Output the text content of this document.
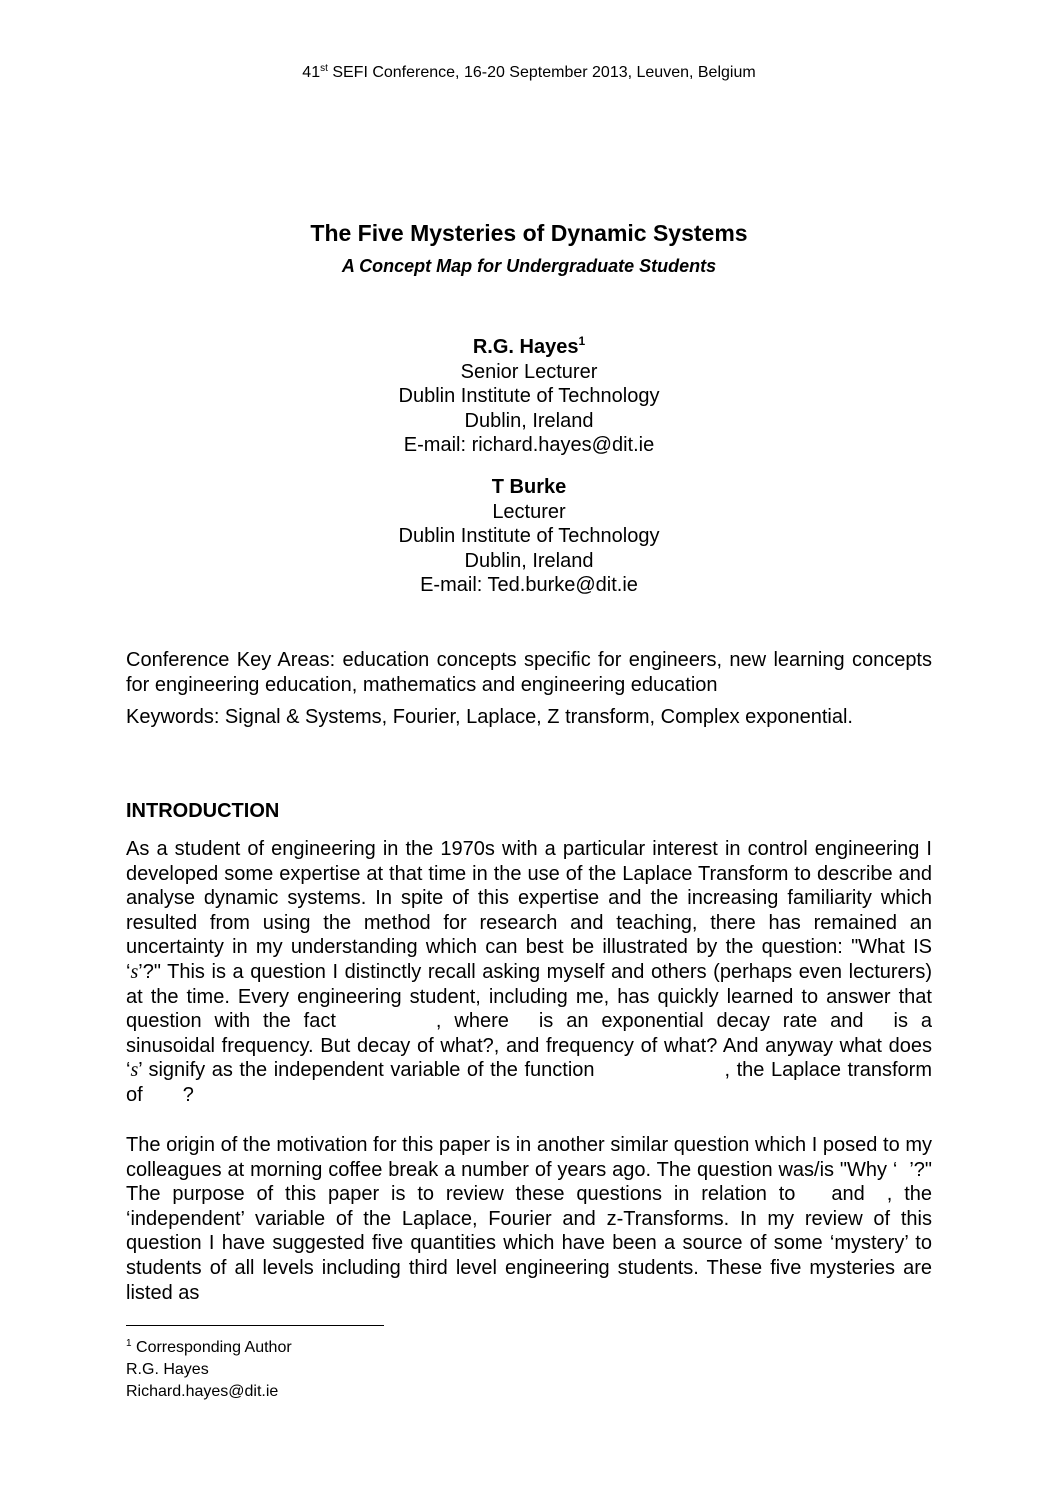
41st SEFI Conference, 16-20 September 2013, Leuven, Belgium
The Five Mysteries of Dynamic Systems
A Concept Map for Undergraduate Students
R.G. Hayes$^1$
Senior Lecturer
Dublin Institute of Technology
Dublin, Ireland
E-mail: richard.hayes@dit.ie
T Burke
Lecturer
Dublin Institute of Technology
Dublin, Ireland
E-mail: Ted.burke@dit.ie
Conference Key Areas: education concepts specific for engineers, new learning concepts for engineering education, mathematics and engineering education
Keywords: Signal & Systems, Fourier, Laplace, Z transform, Complex exponential.
INTRODUCTION

As a student of engineering in the 1970s with a particular interest in control engineering I developed some expertise at that time in the use of the Laplace Transform to describe and analyse dynamic systems. In spite of this expertise and the increasing familiarity which resulted from using the method for research and teaching, there has remained an uncertainty in my understanding which can best be illustrated by the question: "What IS ‘s’?" This is a question I distinctly recall asking myself and others (perhaps even lecturers) at the time. Every engineering student, including me, has quickly learned to answer that question with the fact	, where is an exponential decay rate and is a sinusoidal frequency. But decay of what?, and frequency of what? And anyway what does ‘s’ signify as the independent variable of the function	, the Laplace transform of ?

The origin of the motivation for this paper is in another similar question which I posed to my colleagues at morning coffee break a number of years ago. The question was/is "Why ‘ ’?" The purpose of this paper is to review these questions in relation to and , the ‘independent’ variable of the Laplace, Fourier and z-Transforms. In my review of this question I have suggested five quantities which have been a source of some ‘mystery’ to students of all levels including third level engineering students. These five mysteries are listed as

$^1$ Corresponding Author
R.G. Hayes
Richard.hayes@dit.ie
